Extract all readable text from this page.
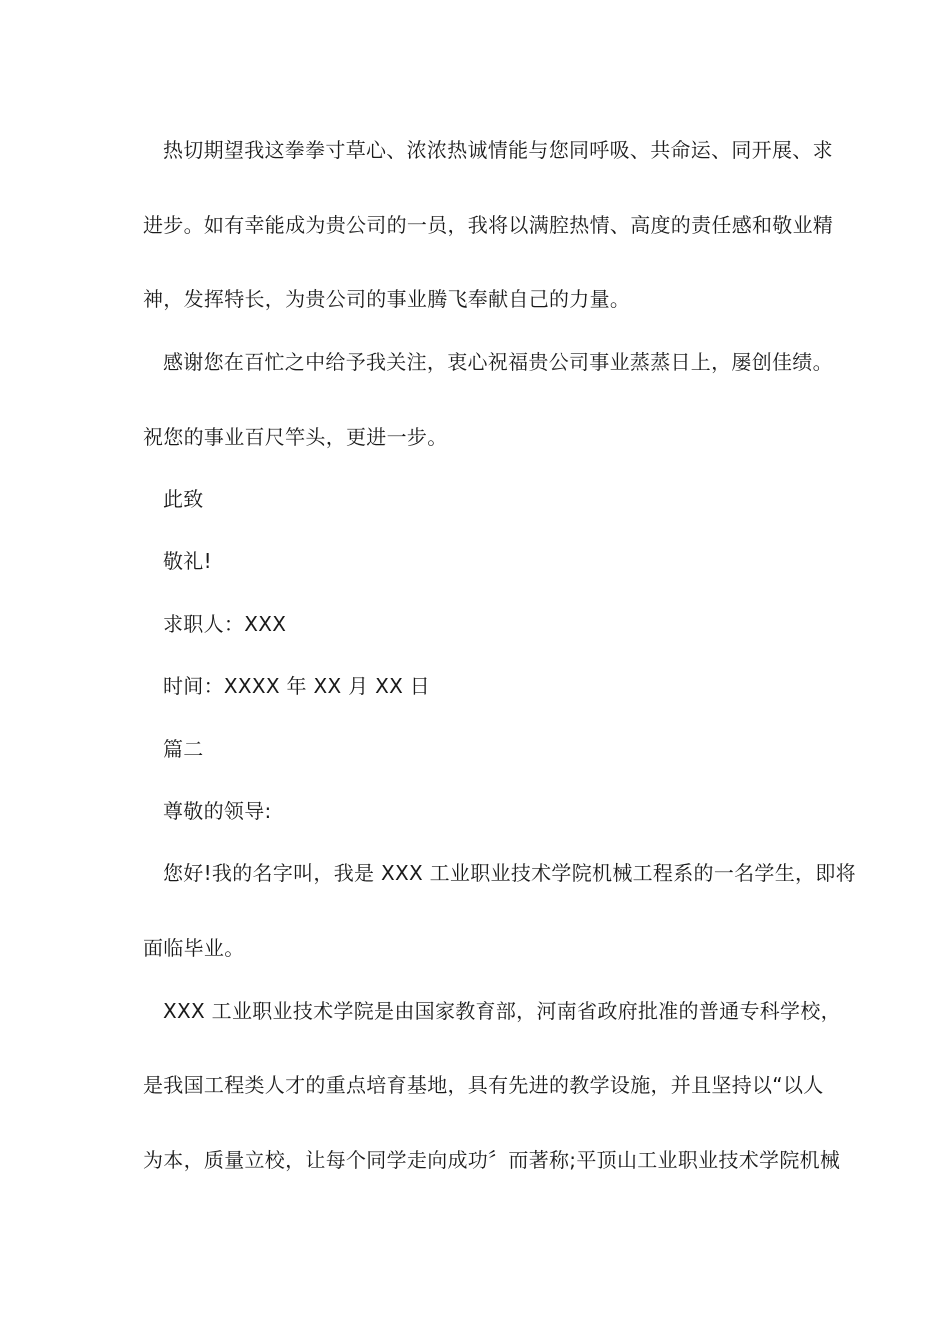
热切期望我这拳拳寸草心、浓浓热诚情能与您同呼吸、共命运、同开展、求
进步。如有幸能成为贵公司的一员，我将以满腔热情、高度的责任感和敬业精
神，发挥特长，为贵公司的事业腾飞奉献自己的力量。
感谢您在百忙之中给予我关注，衷心祝福贵公司事业蒸蒸日上，屡创佳绩。
祝您的事业百尺竿头，更进一步。
此致
敬礼!
求职人：XXX
时间：XXXX 年 XX 月 XX 日
篇二
尊敬的领导:
您好!我的名字叫，我是 XXX 工业职业技术学院机械工程系的一名学生，即将
面临毕业。
XXX 工业职业技术学院是由国家教育部，河南省政府批准的普通专科学校，
是我国工程类人才的重点培育基地，具有先进的教学设施，并且坚持以“以人
为本，质量立校，让每个同学走向成功〞而著称;平顶山工业职业技术学院机械
